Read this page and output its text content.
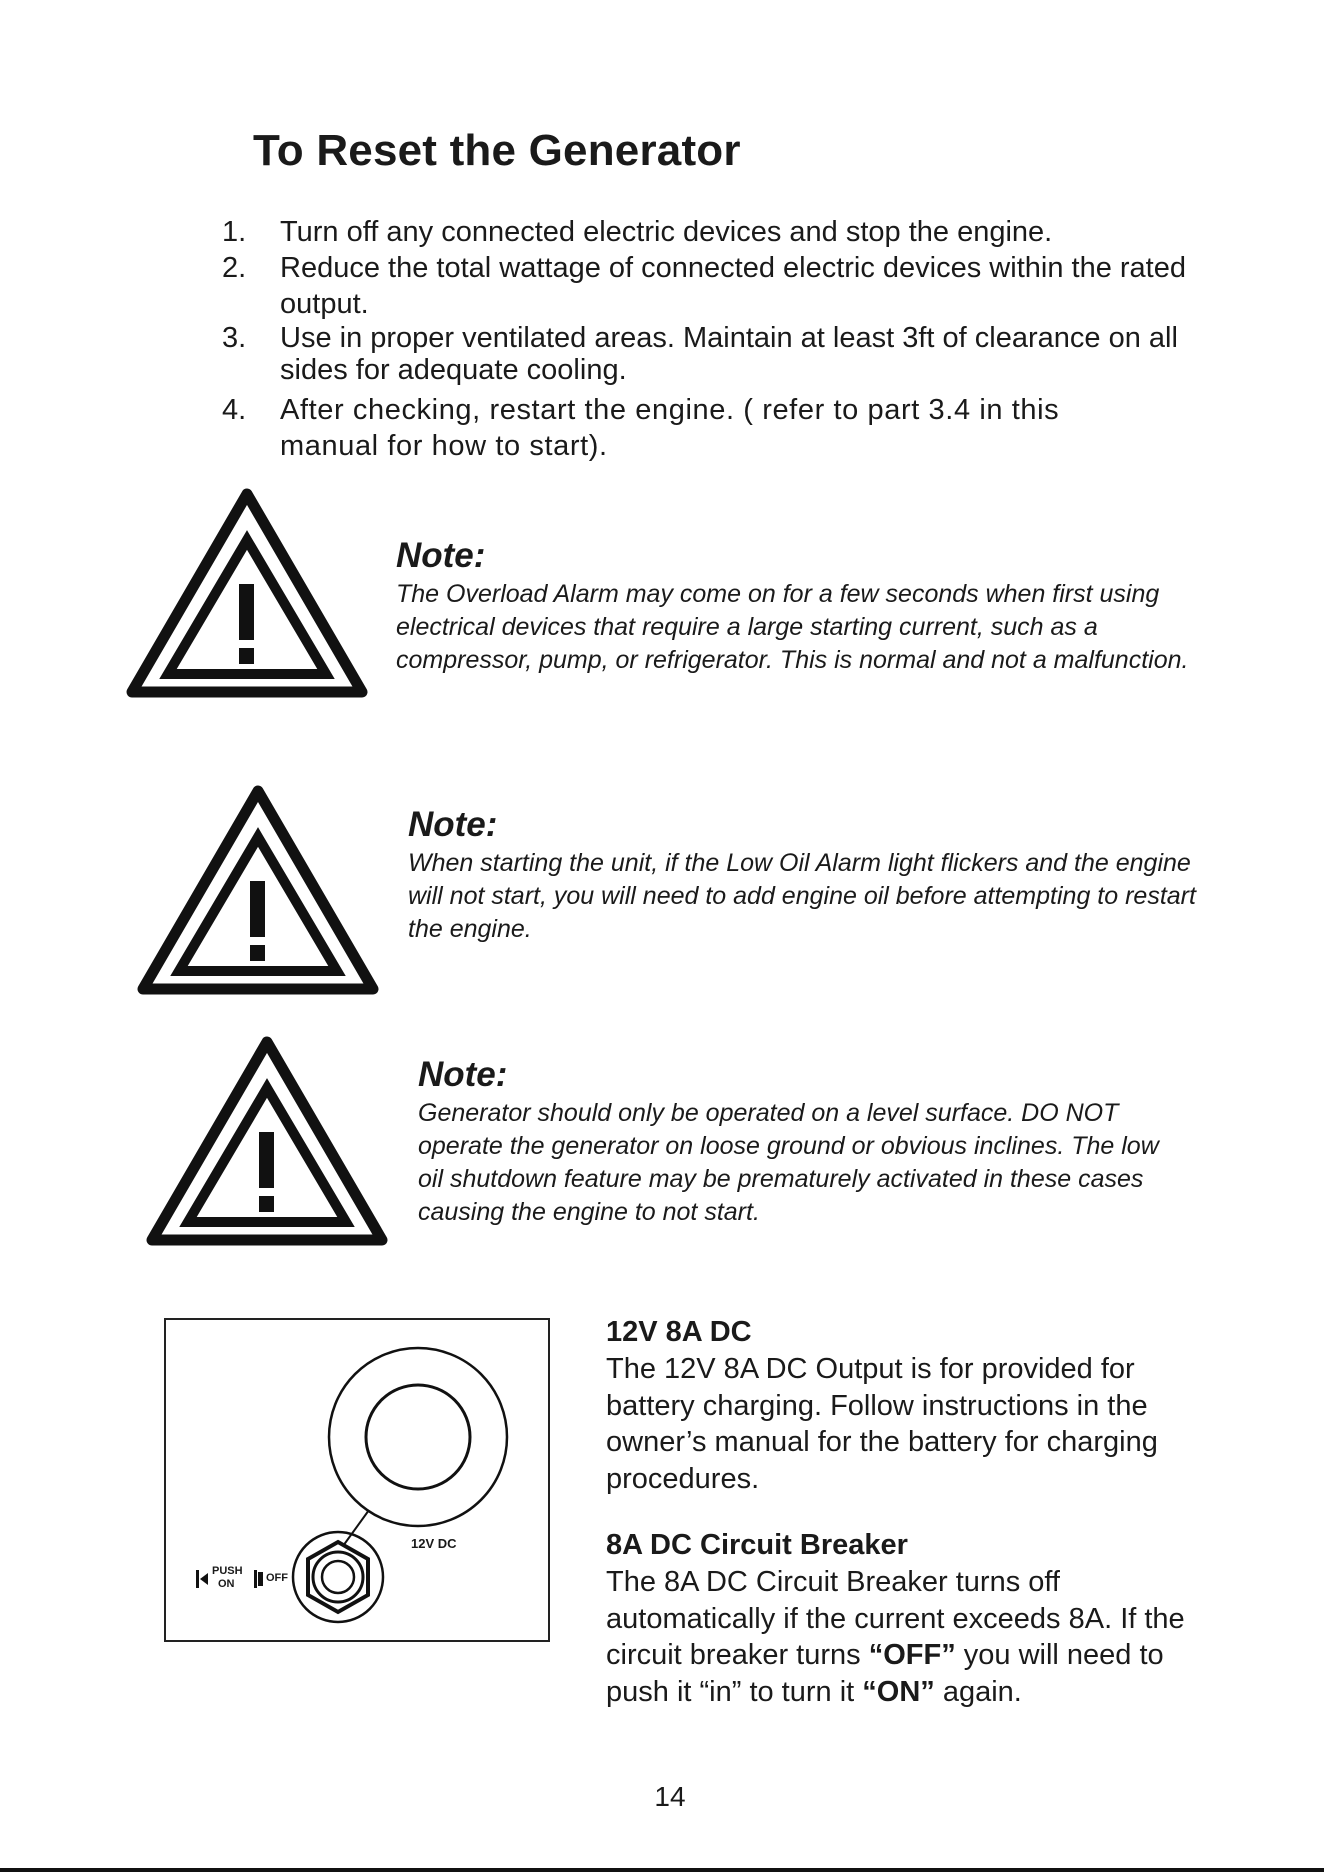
To Reset the Generator
1.	Turn off any connected electric devices and stop the engine.
2.	Reduce the total wattage of connected electric devices within the rated output.
3.	Use in proper ventilated areas. Maintain at least 3ft of clearance on all sides for adequate cooling.
4.	After checking, restart the engine. ( refer to part 3.4 in this manual for how to start).
Note:
The Overload Alarm may come on for a few seconds when first using electrical devices that require a large starting current, such as a compressor, pump, or refrigerator. This is normal and not a malfunction.
Note:
When starting the unit, if the Low Oil Alarm light flickers and the engine will not start, you will need to add engine oil before attempting to restart the engine.
Note:
Generator should only be operated on a level surface. DO NOT operate the generator on loose ground or obvious inclines. The low oil shutdown feature may be prematurely activated in these cases causing the engine to not start.
12V DC
PUSH
ON	OFF
12V 8A DC
The 12V 8A DC Output is for provided for battery charging. Follow instructions in the owner’s manual for the battery for charging procedures.
8A DC Circuit Breaker
The 8A DC Circuit Breaker turns off automatically if the current exceeds 8A. If the circuit breaker turns “OFF” you will need to push it “in” to turn it “ON” again.
14
